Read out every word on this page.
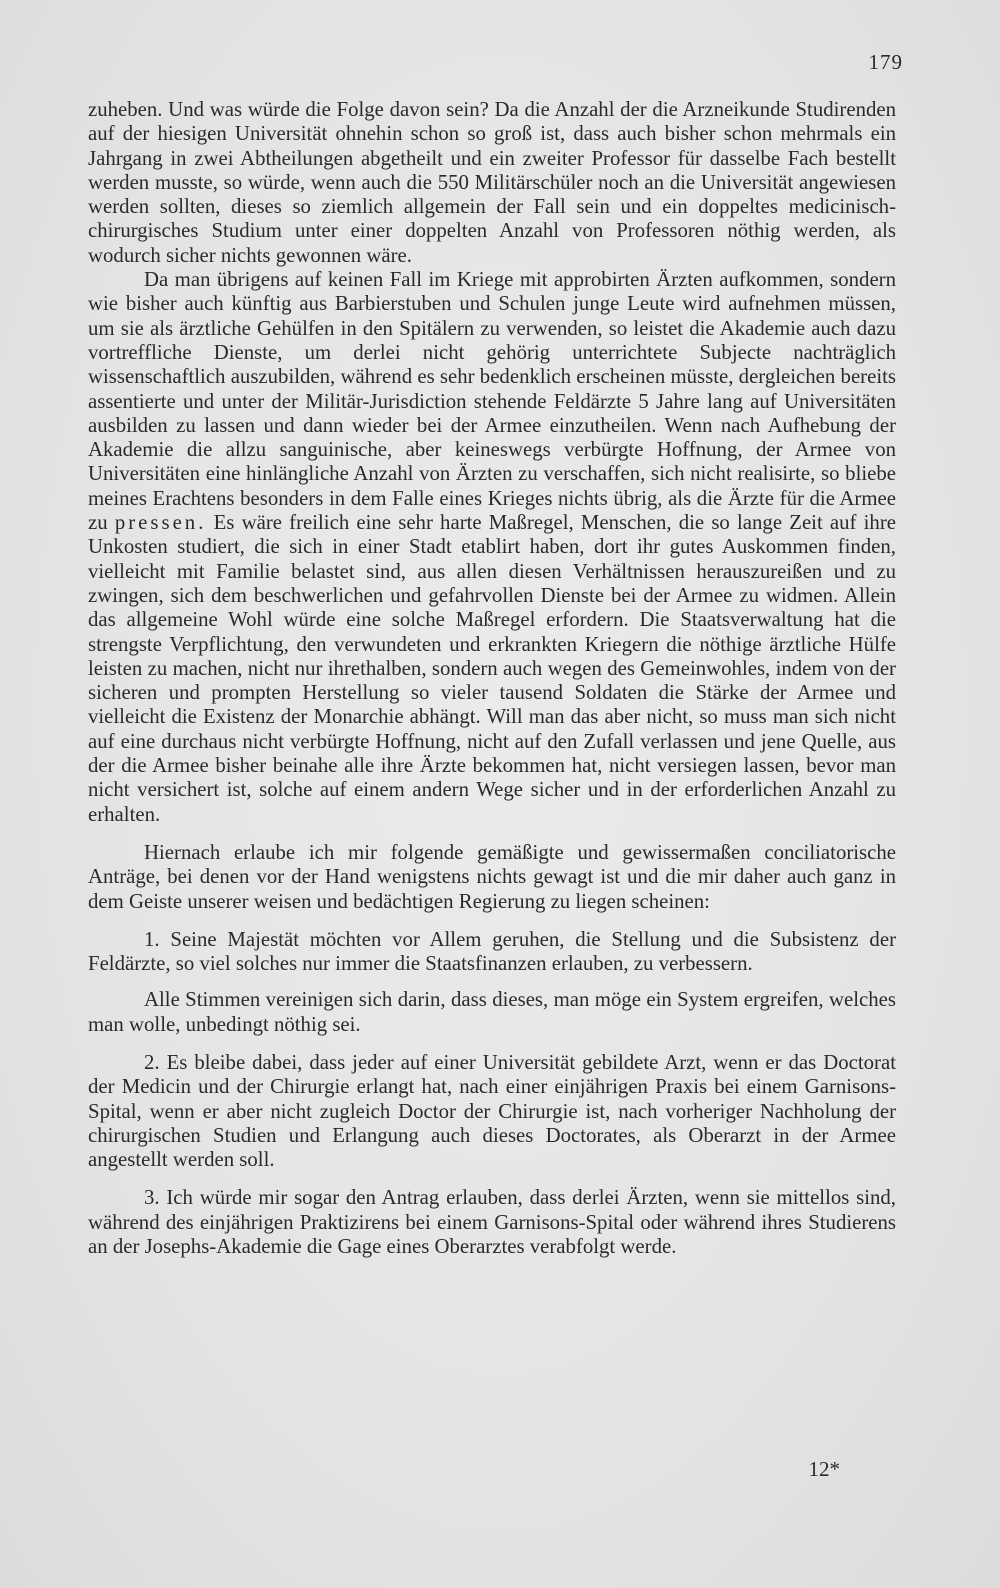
179

zuheben. Und was würde die Folge davon sein? Da die Anzahl der die Arzneikunde Studirenden auf der hiesigen Universität ohnehin schon so groß ist, dass auch bisher schon mehrmals ein Jahrgang in zwei Abtheilungen abgetheilt und ein zweiter Professor für dasselbe Fach bestellt werden musste, so würde, wenn auch die 550 Militärschüler noch an die Universität angewiesen werden sollten, dieses so ziemlich allgemein der Fall sein und ein doppeltes medicinisch-chirurgisches Studium unter einer doppelten Anzahl von Professoren nöthig werden, als wodurch sicher nichts gewonnen wäre.

Da man übrigens auf keinen Fall im Kriege mit approbirten Ärzten aufkommen, sondern wie bisher auch künftig aus Barbierstuben und Schulen junge Leute wird aufnehmen müssen, um sie als ärztliche Gehülfen in den Spitälern zu verwenden, so leistet die Akademie auch dazu vortreffliche Dienste, um derlei nicht gehörig unterrichtete Subjecte nachträglich wissenschaftlich auszubilden, während es sehr bedenklich erscheinen müsste, dergleichen bereits assentierte und unter der Militär-Jurisdiction stehende Feldärzte 5 Jahre lang auf Universitäten ausbilden zu lassen und dann wieder bei der Armee einzutheilen. Wenn nach Aufhebung der Akademie die allzu sanguinische, aber keineswegs verbürgte Hoffnung, der Armee von Universitäten eine hinlängliche Anzahl von Ärzten zu verschaffen, sich nicht realisirte, so bliebe meines Erachtens besonders in dem Falle eines Krieges nichts übrig, als die Ärzte für die Armee zu pressen. Es wäre freilich eine sehr harte Maßregel, Menschen, die so lange Zeit auf ihre Unkosten studiert, die sich in einer Stadt etablirt haben, dort ihr gutes Auskommen finden, vielleicht mit Familie belastet sind, aus allen diesen Verhältnissen herauszureißen und zu zwingen, sich dem beschwerlichen und gefahrvollen Dienste bei der Armee zu widmen. Allein das allgemeine Wohl würde eine solche Maßregel erfordern. Die Staatsverwaltung hat die strengste Verpflichtung, den verwundeten und erkrankten Kriegern die nöthige ärztliche Hülfe leisten zu machen, nicht nur ihrethalben, sondern auch wegen des Gemeinwohles, indem von der sicheren und prompten Herstellung so vieler tausend Soldaten die Stärke der Armee und vielleicht die Existenz der Monarchie abhängt. Will man das aber nicht, so muss man sich nicht auf eine durchaus nicht verbürgte Hoffnung, nicht auf den Zufall verlassen und jene Quelle, aus der die Armee bisher beinahe alle ihre Ärzte bekommen hat, nicht versiegen lassen, bevor man nicht versichert ist, solche auf einem andern Wege sicher und in der erforderlichen Anzahl zu erhalten.

Hiernach erlaube ich mir folgende gemäßigte und gewissermaßen conciliatorische Anträge, bei denen vor der Hand wenigstens nichts gewagt ist und die mir daher auch ganz in dem Geiste unserer weisen und bedächtigen Regierung zu liegen scheinen:

1. Seine Majestät möchten vor Allem geruhen, die Stellung und die Subsistenz der Feldärzte, so viel solches nur immer die Staatsfinanzen erlauben, zu verbessern.

Alle Stimmen vereinigen sich darin, dass dieses, man möge ein System ergreifen, welches man wolle, unbedingt nöthig sei.

2. Es bleibe dabei, dass jeder auf einer Universität gebildete Arzt, wenn er das Doctorat der Medicin und der Chirurgie erlangt hat, nach einer einjährigen Praxis bei einem Garnisons-Spital, wenn er aber nicht zugleich Doctor der Chirurgie ist, nach vorheriger Nachholung der chirurgischen Studien und Erlangung auch dieses Doctorates, als Oberarzt in der Armee angestellt werden soll.

3. Ich würde mir sogar den Antrag erlauben, dass derlei Ärzten, wenn sie mittellos sind, während des einjährigen Praktizirens bei einem Garnisons-Spital oder während ihres Studierens an der Josephs-Akademie die Gage eines Oberarztes verabfolgt werde.

12*
